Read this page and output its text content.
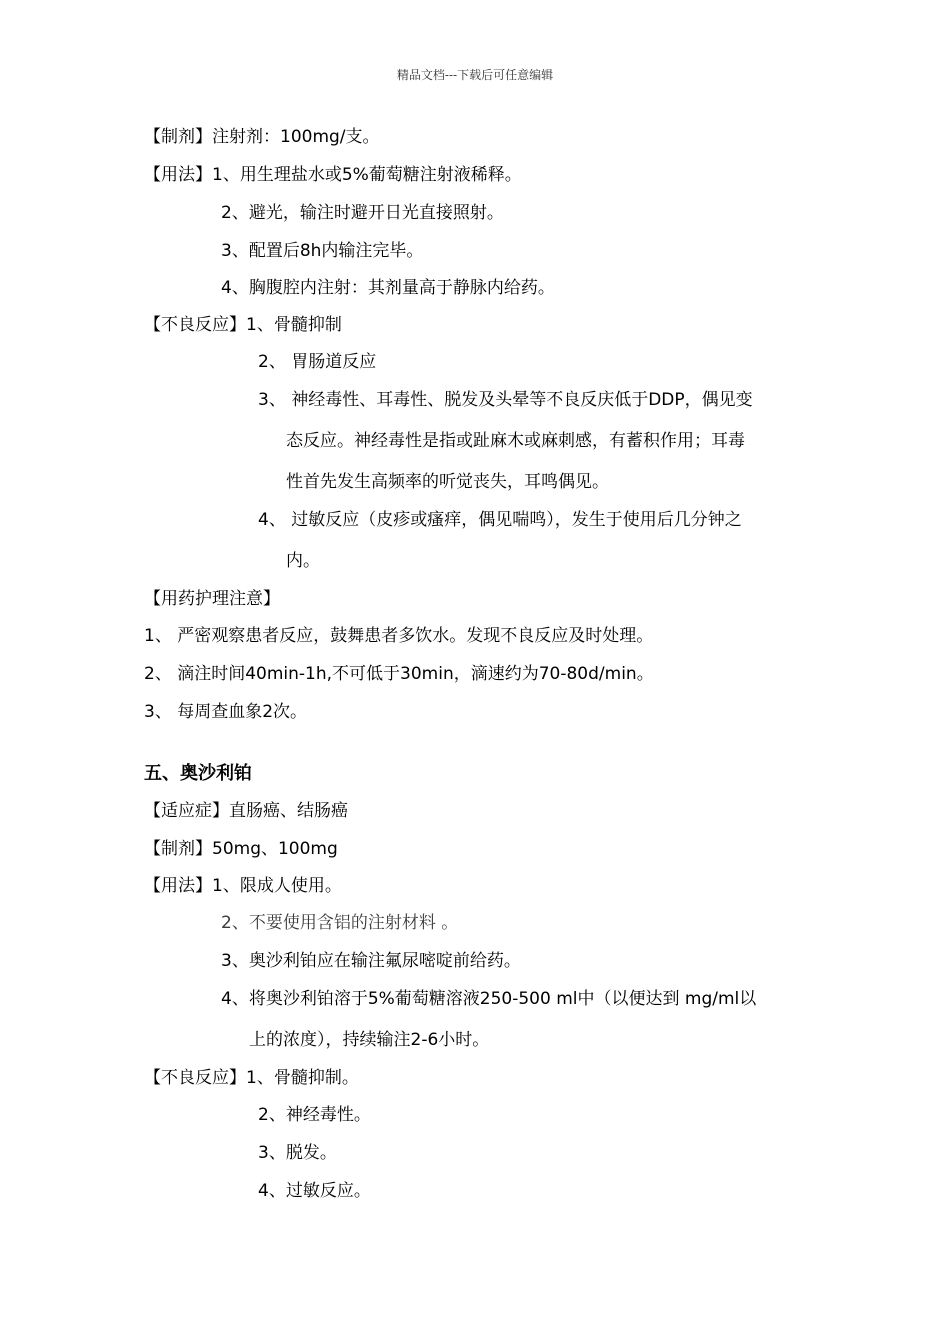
精品文档---下载后可任意编辑
【制剂】注射剂：100mg/支。
【用法】1、用生理盐水或5%葡萄糖注射液稀释。
2、避光，输注时避开日光直接照射。
3、配置后8h内输注完毕。
4、胸腹腔内注射：其剂量高于静脉内给药。
【不良反应】1、骨髓抑制
2、 胃肠道反应
3、 神经毒性、耳毒性、脱发及头晕等不良反庆低于DDP，偶见变
态反应。神经毒性是指或趾麻木或麻刺感，有蓄积作用；耳毒
性首先发生高频率的听觉丧失，耳鸣偶见。
4、 过敏反应（皮疹或瘙痒，偶见喘鸣），发生于使用后几分钟之
内。
【用药护理注意】
1、 严密观察患者反应，鼓舞患者多饮水。发现不良反应及时处理。
2、 滴注时间40min-1h,不可低于30min，滴速约为70-80d/min。
3、 每周查血象2次。
五、奥沙利铂
【适应症】直肠癌、结肠癌
【制剂】50mg、100mg
【用法】1、限成人使用。
2、不要使用含铝的注射材料 。
3、奥沙利铂应在输注氟尿嘧啶前给药。
4、将奥沙利铂溶于5%葡萄糖溶液250-500 ml中（以便达到 mg/ml以
上的浓度），持续输注2-6小时。
【不良反应】1、骨髓抑制。
2、神经毒性。
3、脱发。
4、过敏反应。
